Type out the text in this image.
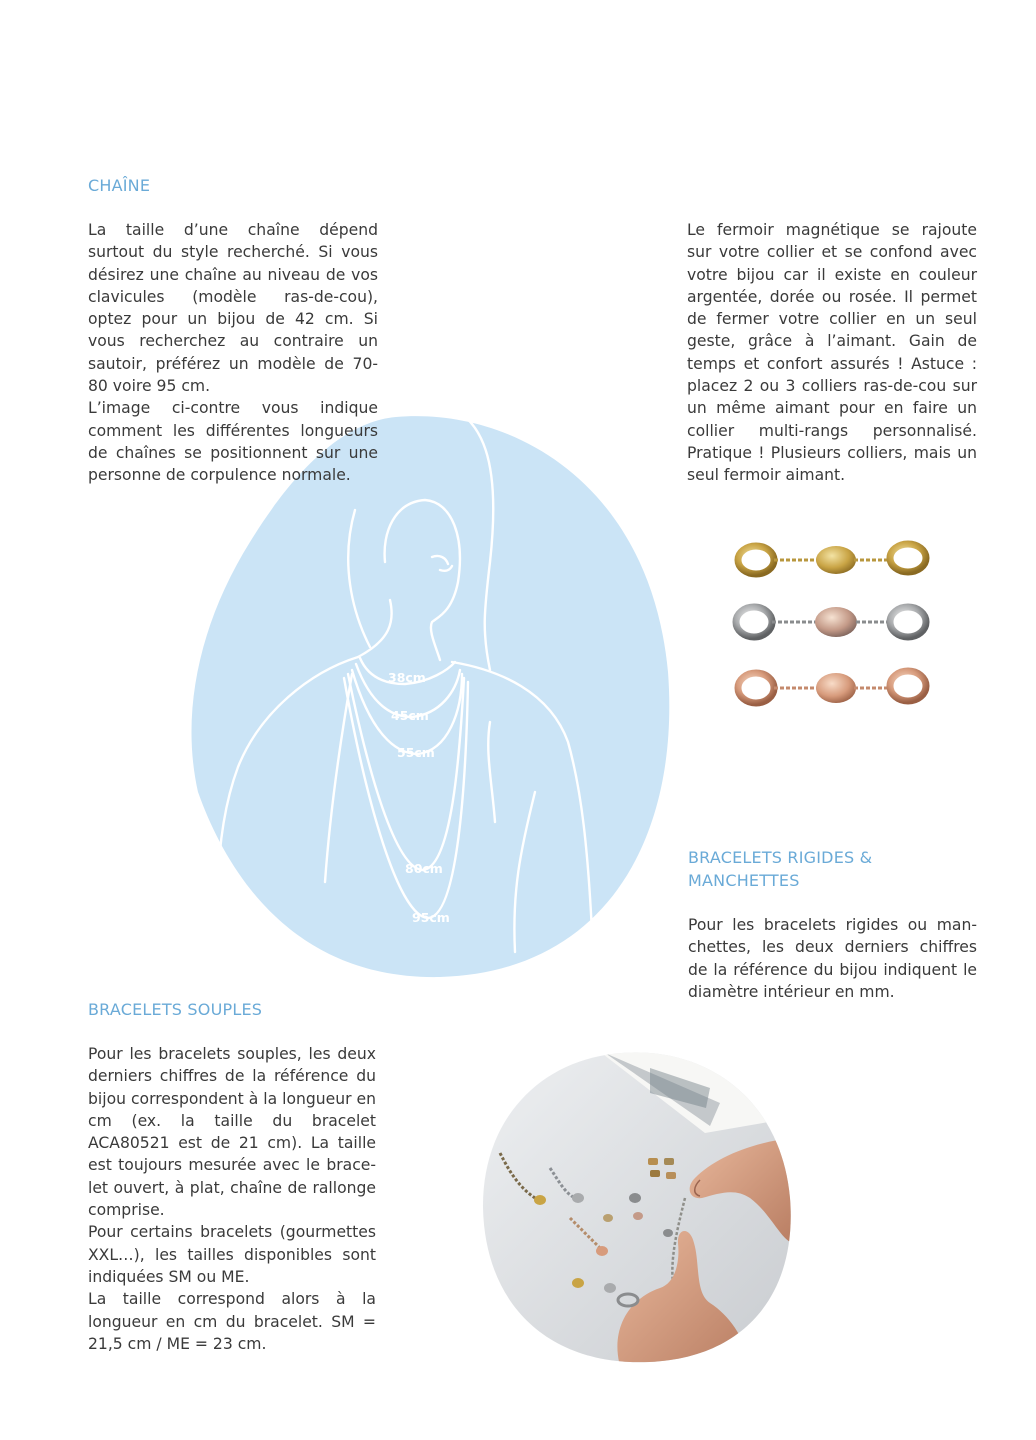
38cm
45cm
55cm
80cm
95cm
CHAÎNE

La taille d’une chaîne dépend surtout du style recherché. Si vous désirez une chaîne au niveau de vos clavicules (modèle ras-de-cou), optez pour un bijou de 42 cm. Si vous recherchez au contraire un sautoir, préférez un modèle de 70-80 voire 95 cm.

L’image ci-contre vous indique comment les différentes longueurs de chaînes se positionnent sur une personne de corpulence normale.

Le fermoir magnétique se rajoute sur votre collier et se confond avec votre bijou car il existe en couleur argentée, dorée ou rosée. Il permet de fermer votre collier en un seul geste, grâce à l’aimant. Gain de temps et confort assurés ! Astuce : placez 2 ou 3 colliers ras-de-cou sur un même aimant pour en faire un collier multi-rangs personnalisé. Pratique ! Plusieurs colliers, mais un seul fermoir aimant.

BRACELETS RIGIDES &
MANCHETTES

Pour les bracelets rigides ou manchettes, les deux derniers chiffres de la référence du bijou indiquent le diamètre intérieur en mm.

BRACELETS SOUPLES

Pour les bracelets souples, les deux derniers chiffres de la référence du bijou correspondent à la longueur en cm (ex. la taille du bracelet ACA80521 est de 21 cm). La taille est toujours mesurée avec le bracelet ouvert, à plat, chaîne de rallonge comprise.

Pour certains bracelets (gourmettes XXL…), les tailles disponibles sont indiquées SM ou ME.

La taille correspond alors à la longueur en cm du bracelet. SM = 21,5 cm / ME = 23 cm.
